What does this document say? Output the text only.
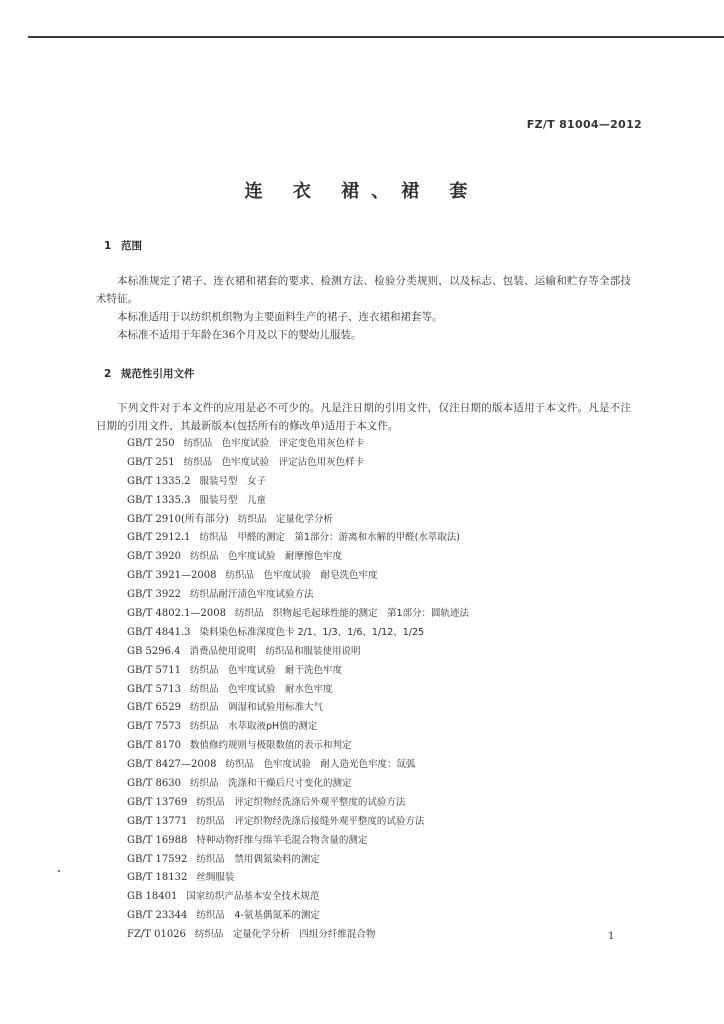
FZ/T 81004—2012
连 衣 裙、裙 套
1 范围
本标准规定了裙子、连衣裙和裙套的要求、检测方法、检验分类规则，以及标志、包装、运输和贮存等全部技术特征。
本标准适用于以纺织机织物为主要面料生产的裙子、连衣裙和裙套等。
本标准不适用于年龄在36个月及以下的婴幼儿服装。
2 规范性引用文件
下列文件对于本文件的应用是必不可少的。凡是注日期的引用文件，仅注日期的版本适用于本文件。凡是不注日期的引用文件，其最新版本(包括所有的修改单)适用于本文件。
GB/T 250 纺织品　色牢度试验　评定变色用灰色样卡
GB/T 251 纺织品　色牢度试验　评定沾色用灰色样卡
GB/T 1335.2 服装号型　女子
GB/T 1335.3 服装号型　儿童
GB/T 2910(所有部分) 纺织品　定量化学分析
GB/T 2912.1 纺织品　甲醛的测定　第1部分：游离和水解的甲醛(水萃取法)
GB/T 3920 纺织品　色牢度试验　耐摩擦色牢度
GB/T 3921—2008 纺织品　色牢度试验　耐皂洗色牢度
GB/T 3922 纺织品耐汗渍色牢度试验方法
GB/T 4802.1—2008 纺织品　织物起毛起球性能的测定　第1部分：圆轨迹法
GB/T 4841.3 染料染色标准深度色卡 2/1、1/3、1/6、1/12、1/25
GB 5296.4 消费品使用说明　纺织品和服装使用说明
GB/T 5711 纺织品　色牢度试验　耐干洗色牢度
GB/T 5713 纺织品　色牢度试验　耐水色牢度
GB/T 6529 纺织品　调湿和试验用标准大气
GB/T 7573 纺织品　水萃取液pH值的测定
GB/T 8170 数值修约规则与极限数值的表示和判定
GB/T 8427—2008 纺织品　色牢度试验　耐人造光色牢度：氙弧
GB/T 8630 纺织品　洗涤和干燥后尺寸变化的测定
GB/T 13769 纺织品　评定织物经洗涤后外观平整度的试验方法
GB/T 13771 纺织品　评定织物经洗涤后接缝外观平整度的试验方法
GB/T 16988 特种动物纤维与绵羊毛混合物含量的测定
GB/T 17592 纺织品　禁用偶氮染料的测定
GB/T 18132 丝绸服装
GB 18401 国家纺织产品基本安全技术规范
GB/T 23344 纺织品　4-氨基偶氮苯的测定
FZ/T 01026 纺织品　定量化学分析　四组分纤维混合物	1
